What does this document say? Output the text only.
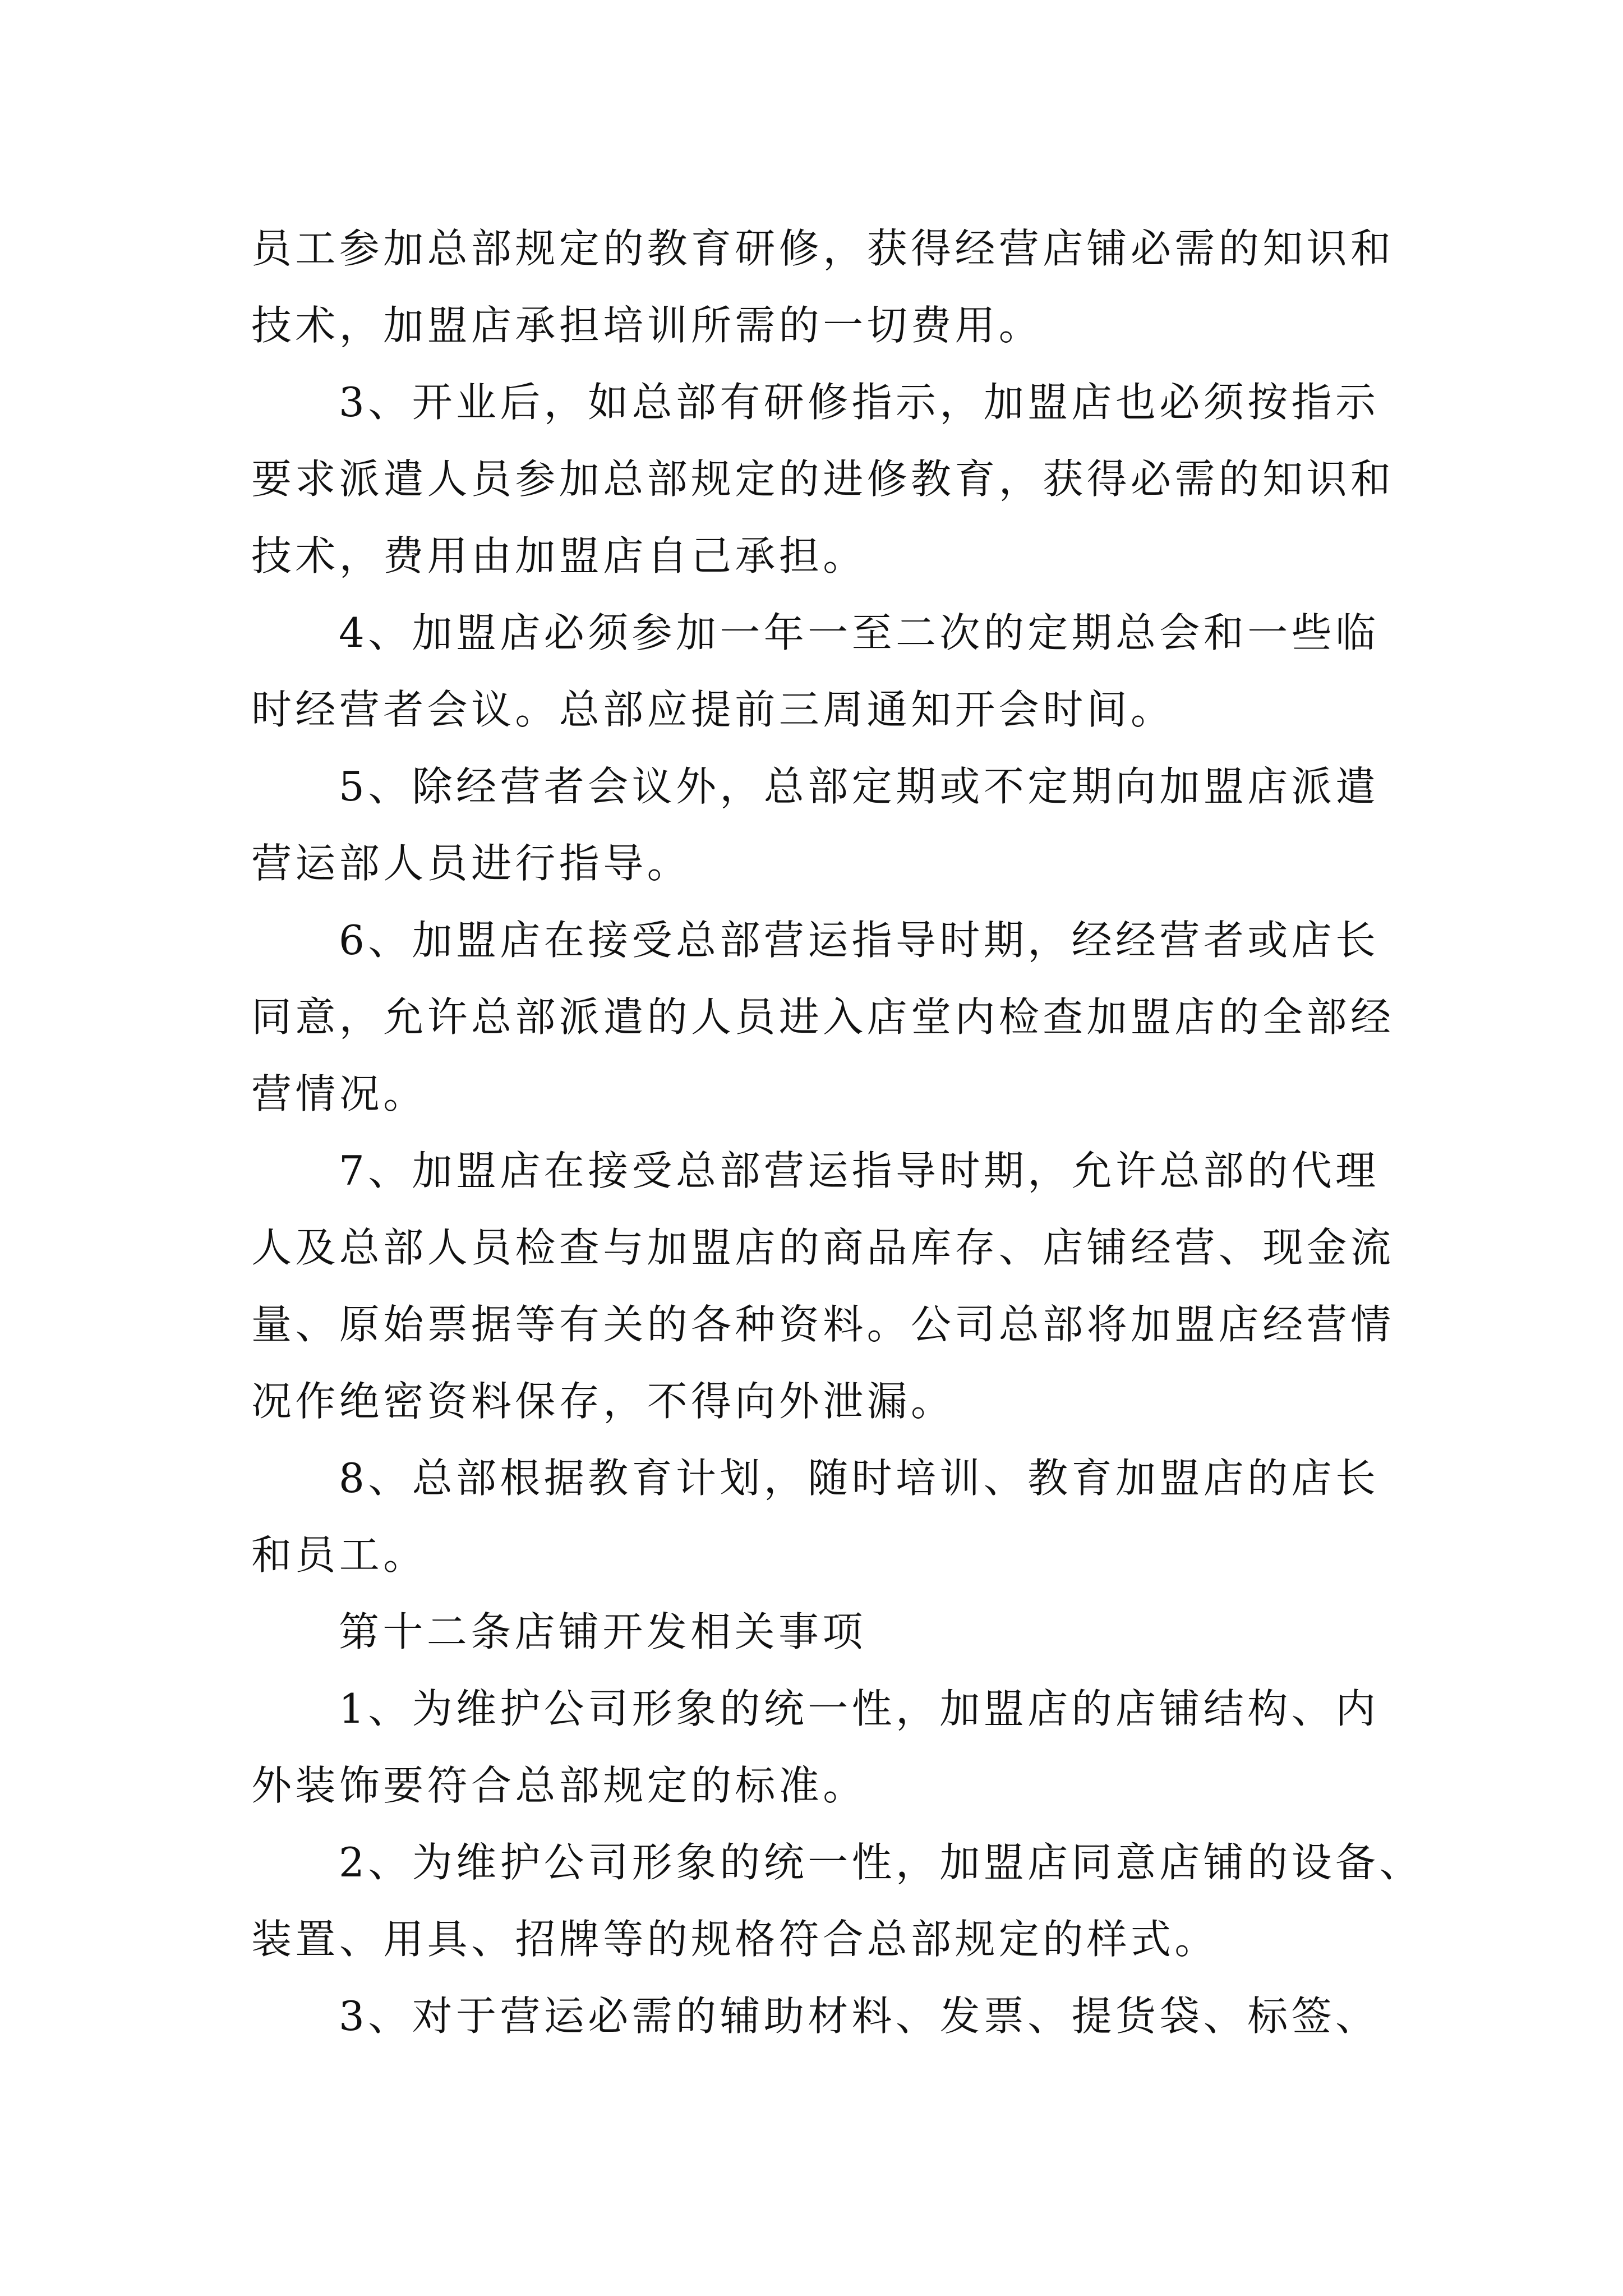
员工参加总部规定的教育研修，获得经营店铺必需的知识和
技术，加盟店承担培训所需的一切费用。
3、开业后，如总部有研修指示，加盟店也必须按指示
要求派遣人员参加总部规定的进修教育，获得必需的知识和
技术，费用由加盟店自己承担。
4、加盟店必须参加一年一至二次的定期总会和一些临
时经营者会议。总部应提前三周通知开会时间。
5、除经营者会议外，总部定期或不定期向加盟店派遣
营运部人员进行指导。
6、加盟店在接受总部营运指导时期，经经营者或店长
同意，允许总部派遣的人员进入店堂内检查加盟店的全部经
营情况。
7、加盟店在接受总部营运指导时期，允许总部的代理
人及总部人员检查与加盟店的商品库存、店铺经营、现金流
量、原始票据等有关的各种资料。公司总部将加盟店经营情
况作绝密资料保存，不得向外泄漏。
8、总部根据教育计划，随时培训、教育加盟店的店长
和员工。
第十二条店铺开发相关事项
1、为维护公司形象的统一性，加盟店的店铺结构、内
外装饰要符合总部规定的标准。
2、为维护公司形象的统一性，加盟店同意店铺的设备、
装置、用具、招牌等的规格符合总部规定的样式。
3、对于营运必需的辅助材料、发票、提货袋、标签、
